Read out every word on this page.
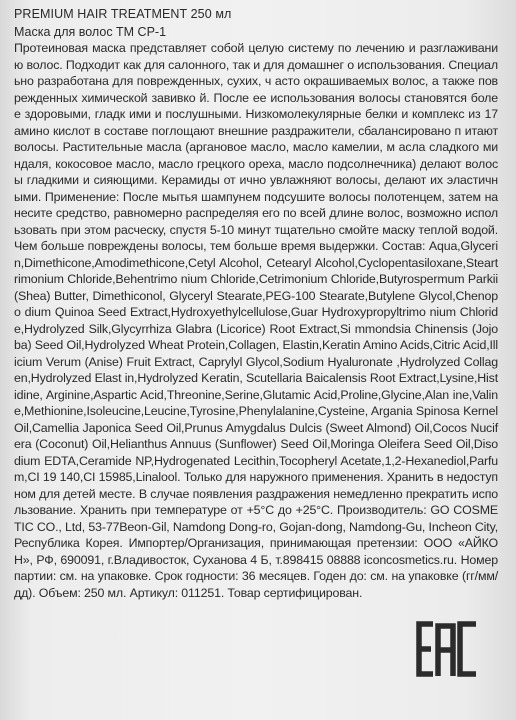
PREMIUM HAIR TREATMENT 250 мл

Маска для волос ТМ CP-1

Протеиновая маска представляет собой целую систему по лечению и разглаживанию волос. Подходит как для салонного, так и для домашнег о использования. Специально разработана для поврежденных, сухих, ч асто окрашиваемых волос, а также поврежденных химической завивко й. После ее использования волосы становятся более здоровыми, гладк ими и послушными. Низкомолекулярные белки и комплекс из 17 амино кислот в составе поглощают внешние раздражители, сбалансировано п итают волосы. Растительные масла (аргановое масло, масло камелии, м асла сладкого миндаля, кокосовое масло, масло грецкого ореха, масло подсолнечника) делают волосы гладкими и сияющими. Керамиды от ично увлажняют волосы, делают их эластичными. Применение: После мытья шампунем подсушите волосы полотенцем, затем нанесите средство, равномерно распределяя его по всей длине волос, возможно использовать при этом расческу, спустя 5-10 минут тщательно смойте маску теплой водой. Чем больше повреждены волосы, тем больше время выдержки. Состав: Aqua,Glycerin,Dimethicone,Amodimethicone,Cetyl Alcohol, Cetearyl Alcohol,Cyclopentasiloxane,Steartrimonium Chloride,Behentrimo nium Chloride,Cetrimonium Chloride,Butyrospermum Parkii (Shea) Butter, Dimethiconol, Glyceryl Stearate,PEG-100 Stearate,Butylene Glycol,Chenopo dium Quinoa Seed Extract,Hydroxyethylcellulose,Guar Hydroxypropyltrimo nium Chloride,Hydrolyzed Silk,Glycyrrhiza Glabra (Licorice) Root Extract,Si mmondsia Chinensis (Jojoba) Seed Oil,Hydrolyzed Wheat Protein,Collagen, Elastin,Keratin Amino Acids,Citric Acid,Illicium Verum (Anise) Fruit Extract, Caprylyl Glycol,Sodium Hyaluronate ,Hydrolyzed Collagen,Hydrolyzed Elast in,Hydrolyzed Keratin, Scutellaria Baicalensis Root Extract,Lysine,Histidine, Arginine,Aspartic Acid,Threonine,Serine,Glutamic Acid,Proline,Glycine,Alan ine,Valine,Methionine,Isoleucine,Leucine,Tyrosine,Phenylalanine,Cysteine, Argania Spinosa Kernel Oil,Camellia Japonica Seed Oil,Prunus Amygdalus Dulcis (Sweet Almond) Oil,Cocos Nucifera (Coconut) Oil,Helianthus Annuus (Sunflower) Seed Oil,Moringa Oleifera Seed Oil,Disodium EDTA,Ceramide NP,Hydrogenated Lecithin,Tocopheryl Acetate,1,2-Hexanediol,Parfum,CI 19 140,CI 15985,Linalool. Только для наружного применения. Хранить в недоступном для детей месте. В случае появления раздражения немедленно прекратить использование. Хранить при температуре от +5°С до +25°С. Производитель: GO COSMETIC CO., Ltd, 53-77Beon-Gil, Namdong Dong-ro, Gojan-dong, Namdong-Gu, Incheon City, Республика Корея. Импортер/Организация, принимающая претензии: ООО «АЙКОН», РФ, 690091, г.Владивосток, Суханова 4 Б, т.898415 08888 iconcosmetics.ru. Номер партии: см. на упаковке. Срок годности: 36 месяцев. Годен до: см. на упаковке (гг/мм/дд). Объем: 250 мл. Артикул: 011251. Товар сертифицирован.
